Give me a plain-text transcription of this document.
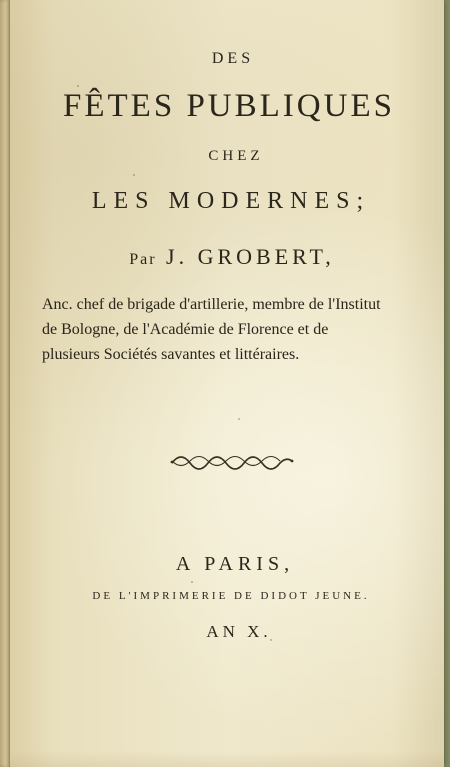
DES
FÊTES PUBLIQUES
CHEZ
LES MODERNES;
Par J. GROBERT,
Anc. chef de brigade d'artillerie, membre de l'Institut
de Bologne, de l'Académie de Florence et de
plusieurs Sociétés savantes et littéraires.
A PARIS,
DE L'IMPRIMERIE DE DIDOT JEUNE.
AN X.
